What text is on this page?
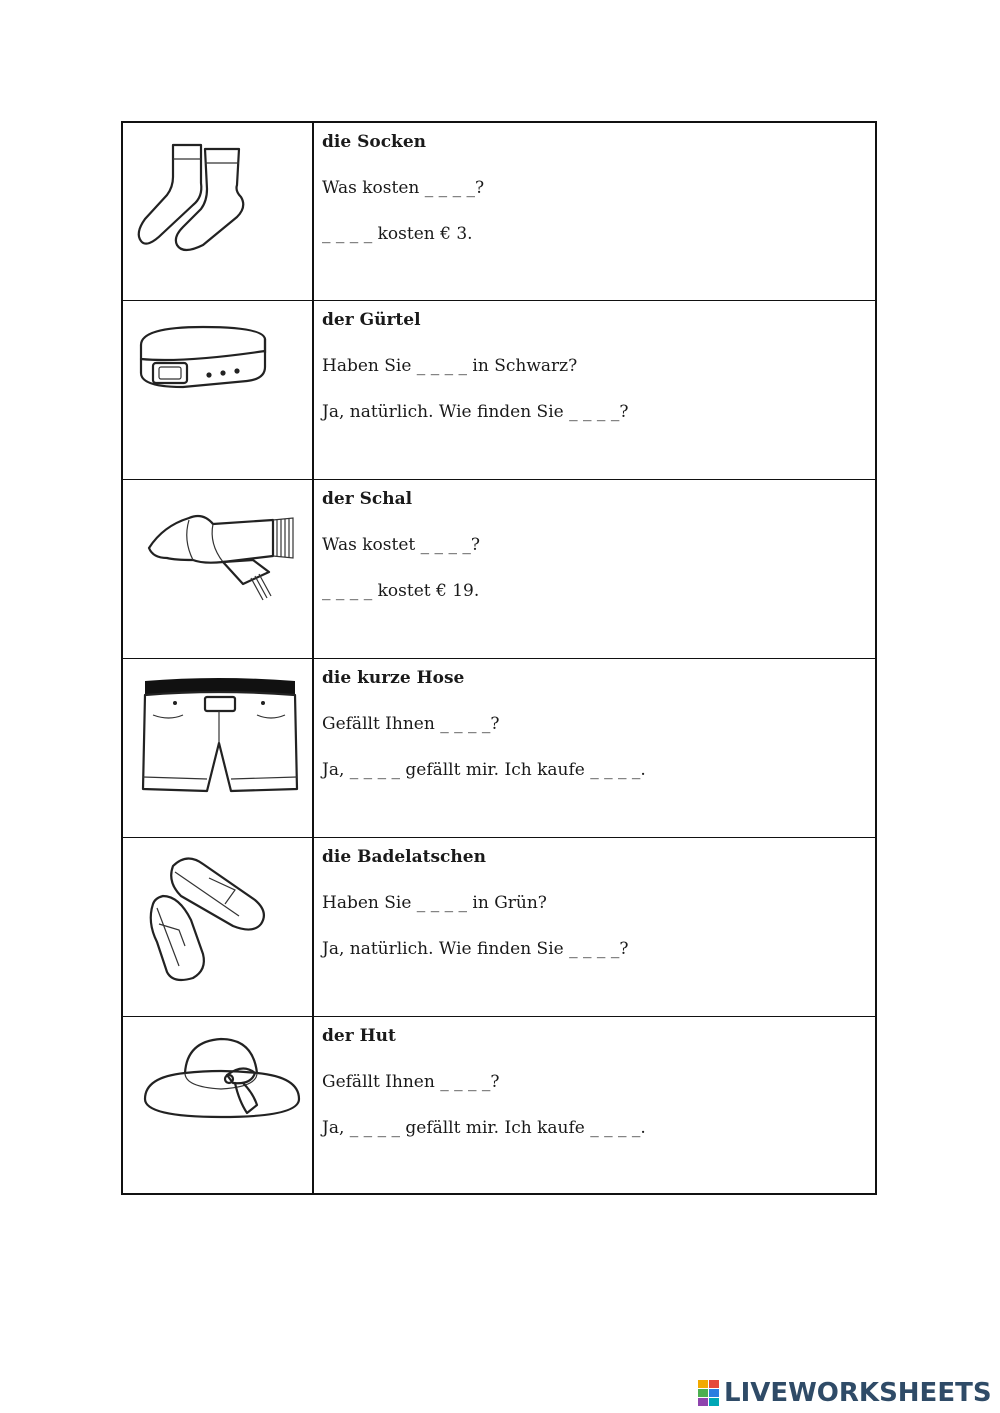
die Socken
Was kosten _ _ _ _?
_ _ _ _ kosten € 3.
der Gürtel
Haben Sie _ _ _ _ in Schwarz?
Ja, natürlich. Wie finden Sie _ _ _ _?
der Schal
Was kostet _ _ _ _?
_ _ _ _ kostet € 19.
die kurze Hose
Gefällt Ihnen _ _ _ _?
Ja, _ _ _ _ gefällt mir. Ich kaufe _ _ _ _.
die Badelatschen
Haben Sie _ _ _ _ in Grün?
Ja, natürlich. Wie finden Sie _ _ _ _?
der Hut
Gefällt Ihnen _ _ _ _?
Ja, _ _ _ _ gefällt mir. Ich kaufe _ _ _ _.
LIVEWORKSHEETS
